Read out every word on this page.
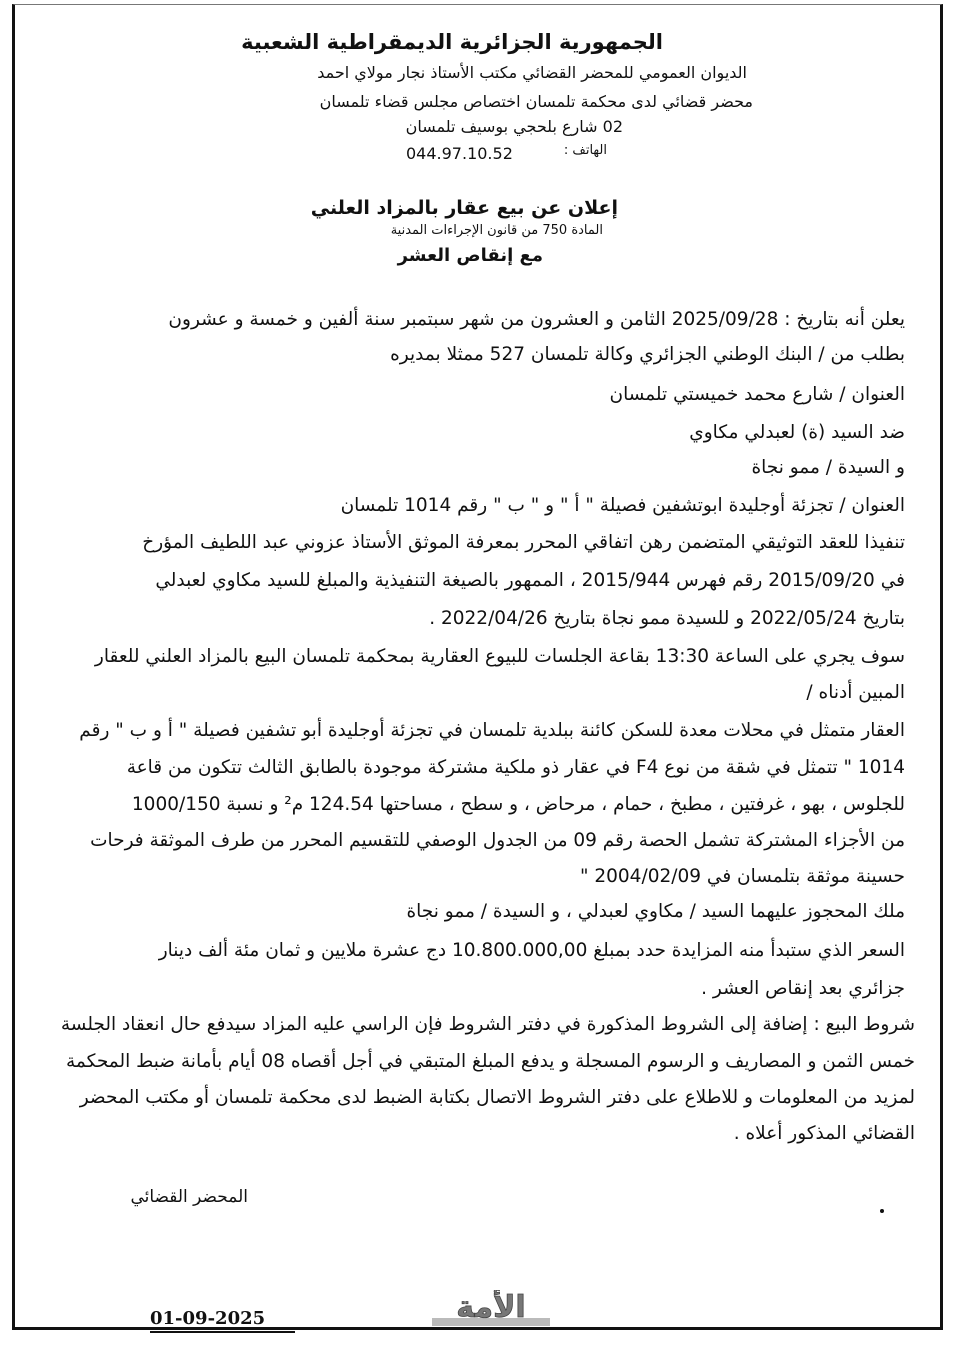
الجمهورية الجزائرية الديمقراطية الشعبية
الديوان العمومي للمحضر القضائي مكتب الأستاذ نجار مولاي احمد
محضر قضائي لدى محكمة تلمسان اختصاص مجلس قضاء تلمسان
02 شارع بلحجي بوسيف تلمسان
الهاتف :
044.97.10.52
إعلان عن بيع عقار بالمزاد العلني
المادة 750 من قانون الإجراءات المدنية
مع إنقاص العشر
يعلن أنه بتاريخ : 2025/09/28 الثامن و العشرون من شهر سبتمبر سنة ألفين و خمسة و عشرون
بطلب من / البنك الوطني الجزائري وكالة تلمسان 527 ممثلا بمديره
العنوان / شارع محمد خميستي تلمسان
ضد السيد (ة) لعبدلي مكاوي
و السيدة / ممو نجاة
العنوان / تجزئة أوجليدة ابوتشفين فصيلة " أ " و " ب " رقم 1014 تلمسان
تنفيذا للعقد التوثيقي المتضمن رهن اتفاقي المحرر بمعرفة الموثق الأستاذ عزوني عبد اللطيف المؤرخ
في 2015/09/20 رقم فهرس 2015/944 ، الممهور بالصيغة التنفيذية والمبلغ للسيد مكاوي لعبدلي
بتاريخ 2022/05/24 و للسيدة ممو نجاة بتاريخ 2022/04/26 .
سوف يجري على الساعة 13:30 بقاعة الجلسات للبيوع العقارية بمحكمة تلمسان البيع بالمزاد العلني للعقار
المبين أدناه /
العقار متمثل في محلات معدة للسكن كائنة ببلدية تلمسان في تجزئة أوجليدة أبو تشفين فصيلة " أ و ب " رقم
1014 " تتمثل في شقة من نوع F4 في عقار ذو ملكية مشتركة موجودة بالطابق الثالث تتكون من قاعة
للجلوس ، بهو ، غرفتين ، مطبخ ، حمام ، مرحاض ، و سطح ، مساحتها 124.54 م² و نسبة 1000/150
من الأجزاء المشتركة تشمل الحصة رقم 09 من الجدول الوصفي للتقسيم المحرر من طرف الموثقة فرحات
حسينة موثقة بتلمسان في 2004/02/09 "
ملك المحجوز عليهما السيد / مكاوي لعبدلي ، و السيدة / ممو نجاة
السعر الذي ستبدأ منه المزايدة حدد بمبلغ 10.800.000,00 دج عشرة ملايين و ثمان مئة ألف دينار
جزائري بعد إنقاص العشر .
شروط البيع : إضافة إلى الشروط المذكورة في دفتر الشروط فإن الراسي عليه المزاد سيدفع حال انعقاد الجلسة
خمس الثمن و المصاريف و الرسوم المسجلة و يدفع المبلغ المتبقي في أجل أقصاه 08 أيام بأمانة ضبط المحكمة
لمزيد من المعلومات و للاطلاع على دفتر الشروط الاتصال بكتابة الضبط لدى محكمة تلمسان أو مكتب المحضر
القضائي المذكور أعلاه .
المحضر القضائي
01-09-2025	الأمة
